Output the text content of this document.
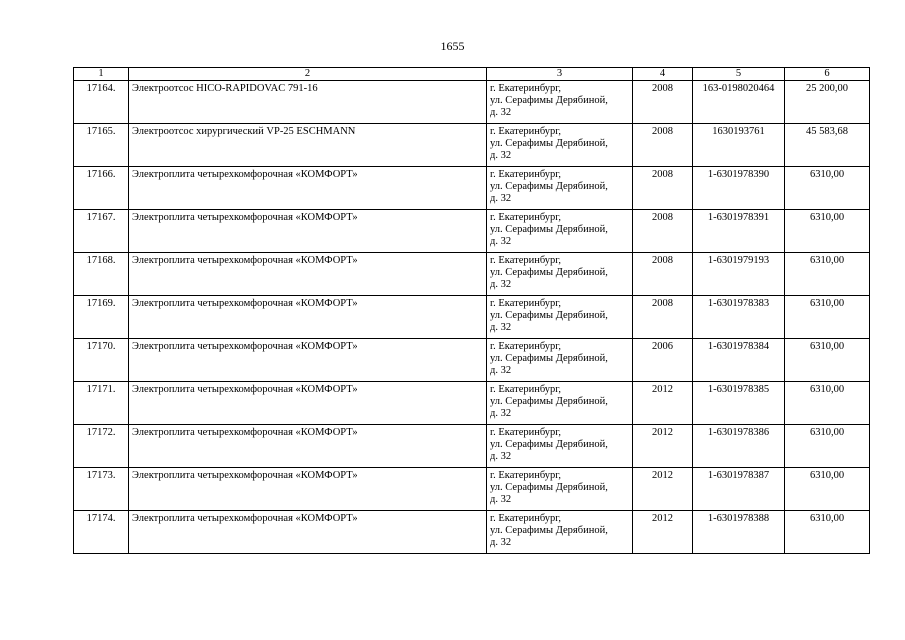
1655
1	2	3	4	5	6
17164.	Электроотсос HICO-RAPIDOVAC 791-16	г. Екатеринбург,
ул. Серафимы Дерябиной,
д. 32	2008	163-0198020464	25 200,00
17165.	Электроотсос хирургический VP-25 ESCHMANN	г. Екатеринбург,
ул. Серафимы Дерябиной,
д. 32	2008	1630193761	45 583,68
17166.	Электроплита четырехкомфорочная «КОМФОРТ»	г. Екатеринбург,
ул. Серафимы Дерябиной,
д. 32	2008	1-6301978390	6310,00
17167.	Электроплита четырехкомфорочная «КОМФОРТ»	г. Екатеринбург,
ул. Серафимы Дерябиной,
д. 32	2008	1-6301978391	6310,00
17168.	Электроплита четырехкомфорочная «КОМФОРТ»	г. Екатеринбург,
ул. Серафимы Дерябиной,
д. 32	2008	1-6301979193	6310,00
17169.	Электроплита четырехкомфорочная «КОМФОРТ»	г. Екатеринбург,
ул. Серафимы Дерябиной,
д. 32	2008	1-6301978383	6310,00
17170.	Электроплита четырехкомфорочная «КОМФОРТ»	г. Екатеринбург,
ул. Серафимы Дерябиной,
д. 32	2006	1-6301978384	6310,00
17171.	Электроплита четырехкомфорочная «КОМФОРТ»	г. Екатеринбург,
ул. Серафимы Дерябиной,
д. 32	2012	1-6301978385	6310,00
17172.	Электроплита четырехкомфорочная «КОМФОРТ»	г. Екатеринбург,
ул. Серафимы Дерябиной,
д. 32	2012	1-6301978386	6310,00
17173.	Электроплита четырехкомфорочная «КОМФОРТ»	г. Екатеринбург,
ул. Серафимы Дерябиной,
д. 32	2012	1-6301978387	6310,00
17174.	Электроплита четырехкомфорочная «КОМФОРТ»	г. Екатеринбург,
ул. Серафимы Дерябиной,
д. 32	2012	1-6301978388	6310,00
